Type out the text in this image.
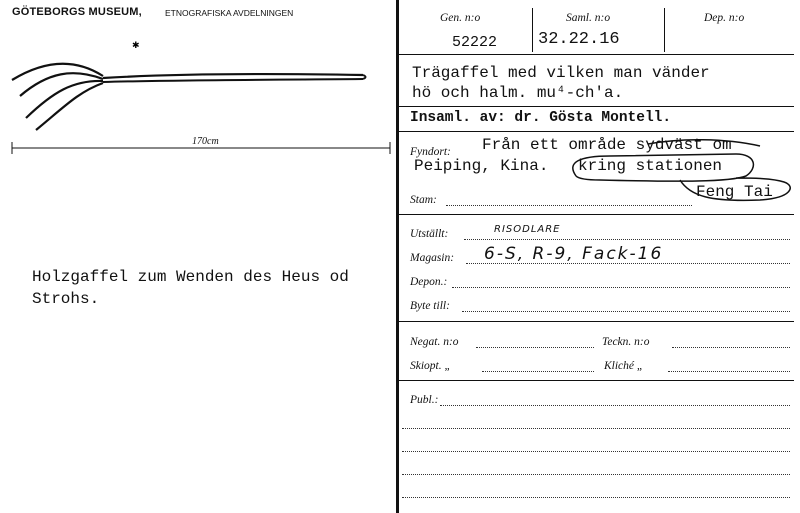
GÖTEBORGS MUSEUM,	ETNOGRAFISKA AVDELNINGEN
✱
170cm
Holzgaffel zum Wenden des Heus od
Strohs.
Gen. n:o
52222
Saml. n:o
32.22.16
Dep. n:o
Trägaffel med vilken man vänder
hö och halm. mu⁴-ch'a.
Insaml. av: dr. Gösta Montell.
Fyndort: Från ett område sydväst om
Peiping, Kina. kring stationen
Feng Tai
Stam:
Utställt:	RISODLARE
Magasin: 6-S, R-9, Fack-16
Depon.:
Byte till:
Negat. n:o	Teckn. n:o
Skiopt. „	Kliché „
Publ.:
